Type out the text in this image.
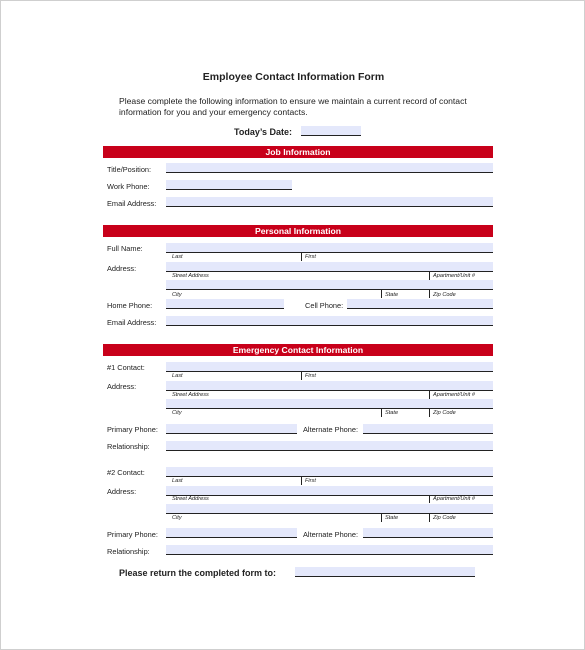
Employee Contact Information Form
Please complete the following information to ensure we maintain a current record of contact information for you and your emergency contacts.
Today’s Date:
Job Information
Title/Position:
Work Phone:
Email Address:
Personal Information
Full Name:
Last	First
Address:
Street Address	Apartment/Unit #
City	State	Zip Code
Home Phone:	Cell Phone:
Email Address:
Emergency Contact Information
#1 Contact:
Last	First
Address:
Street Address	Apartment/Unit #
City	State	Zip Code
Primary Phone:	Alternate Phone:
Relationship:
#2 Contact:
Last	First
Address:
Street Address	Apartment/Unit #
City	State	Zip Code
Primary Phone:	Alternate Phone:
Relationship:
Please return the completed form to:
